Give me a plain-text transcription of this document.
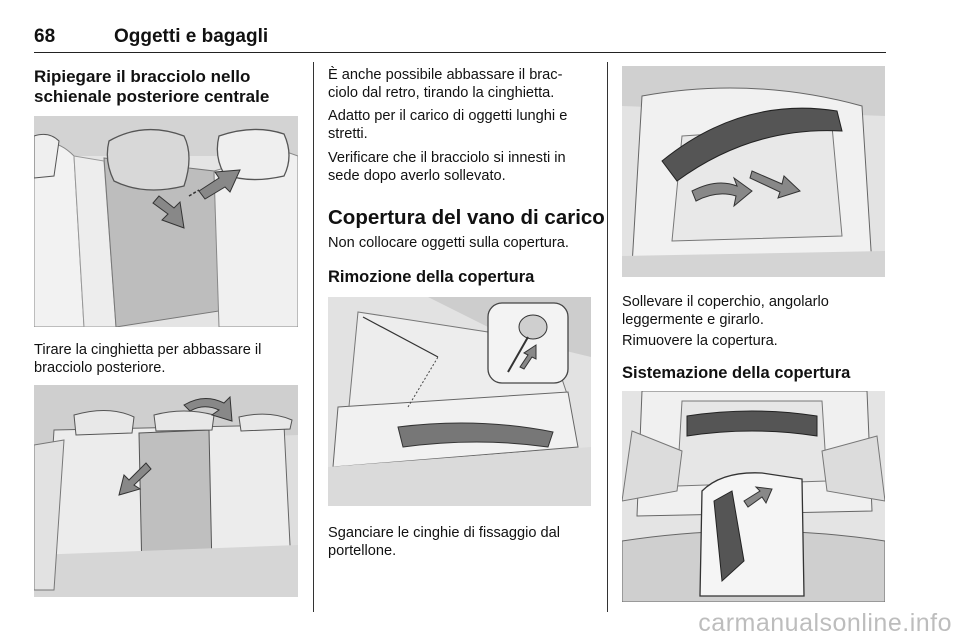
68	Oggetti e bagagli
Ripiegare il bracciolo nello
schienale posteriore centrale

Tirare la cinghietta per abbassare il
bracciolo posteriore.

È anche possibile abbassare il brac-
ciolo dal retro, tirando la cinghietta.

Adatto per il carico di oggetti lunghi e
stretti.

Verificare che il bracciolo si innesti in
sede dopo averlo sollevato.

Copertura del vano di carico

Non collocare oggetti sulla copertura.

Rimozione della copertura

Sganciare le cinghie di fissaggio dal
portellone.

Sollevare il coperchio, angolarlo
leggermente e girarlo.

Rimuovere la copertura.

Sistemazione della copertura
carmanualsonline.info
